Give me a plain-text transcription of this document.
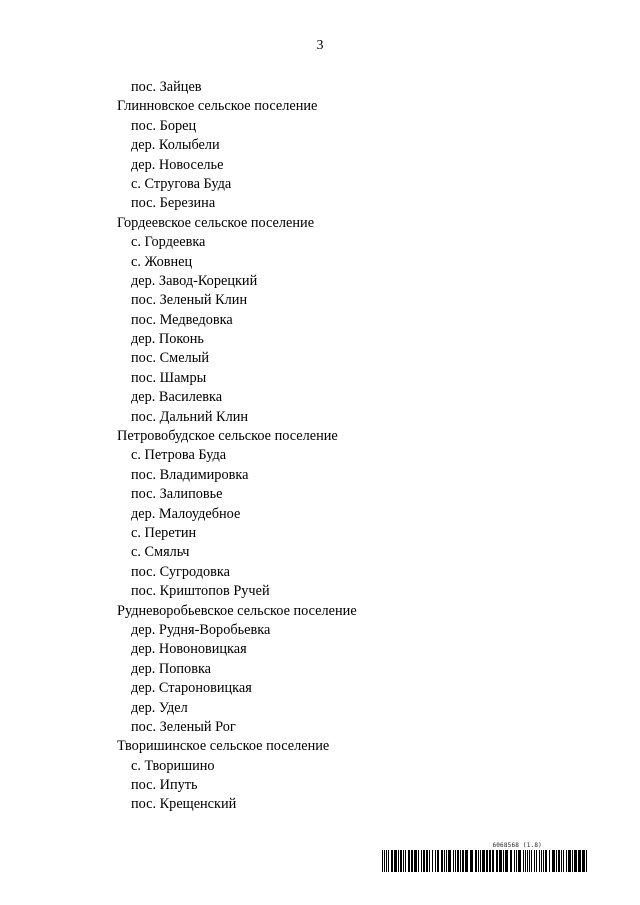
3
пос. Зайцев
Глинновское сельское поселение
пос. Борец
дер. Колыбели
дер. Новоселье
с. Стругова Буда
пос. Березина
Гордеевское сельское поселение
с. Гордеевка
с. Жовнец
дер. Завод-Корецкий
пос. Зеленый Клин
пос. Медведовка
дер. Поконь
пос. Смелый
пос. Шамры
дер. Василевка
пос. Дальний Клин
Петровобудское сельское поселение
с. Петрова Буда
пос. Владимировка
пос. Залиповье
дер. Малоудебное
с. Перетин
с. Смяльч
пос. Сугродовка
пос. Криштопов Ручей
Рудневоробьевское сельское поселение
дер. Рудня-Воробьевка
дер. Новоновицкая
дер. Поповка
дер. Староновицкая
дер. Удел
пос. Зеленый Рог
Творишинское сельское поселение
с. Творишино
пос. Ипуть
пос. Крещенский
6068568 (1.8)
